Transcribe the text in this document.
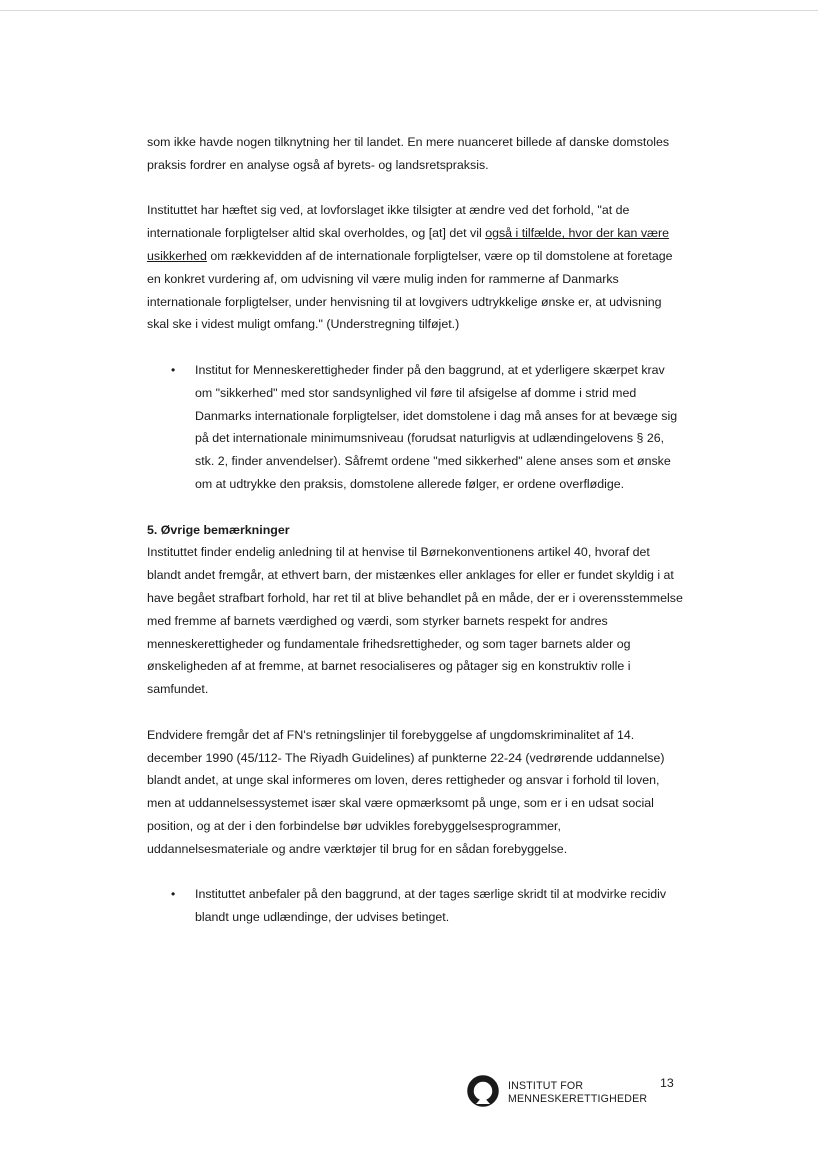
som ikke havde nogen tilknytning her til landet. En mere nuanceret billede af danske domstoles praksis fordrer en analyse også af byrets- og landsretspraksis.

Instituttet har hæftet sig ved, at lovforslaget ikke tilsigter at ændre ved det forhold, "at de internationale forpligtelser altid skal overholdes, og [at] det vil også i tilfælde, hvor der kan være usikkerhed om rækkevidden af de internationale forpligtelser, være op til domstolene at foretage en konkret vurdering af, om udvisning vil være mulig inden for rammerne af Danmarks internationale forpligtelser, under henvisning til at lovgivers udtrykkelige ønske er, at udvisning skal ske i videst muligt omfang." (Understregning tilføjet.)

• Institut for Menneskerettigheder finder på den baggrund, at et yderligere skærpet krav om "sikkerhed" med stor sandsynlighed vil føre til afsigelse af domme i strid med Danmarks internationale forpligtelser, idet domstolene i dag må anses for at bevæge sig på det internationale minimumsniveau (forudsat naturligvis at udlændingelovens § 26, stk. 2, finder anvendelser). Såfremt ordene "med sikkerhed" alene anses som et ønske om at udtrykke den praksis, domstolene allerede følger, er ordene overflødige.

5. Øvrige bemærkninger

Instituttet finder endelig anledning til at henvise til Børnekonventionens artikel 40, hvoraf det blandt andet fremgår, at ethvert barn, der mistænkes eller anklages for eller er fundet skyldig i at have begået strafbart forhold, har ret til at blive behandlet på en måde, der er i overensstemmelse med fremme af barnets værdighed og værdi, som styrker barnets respekt for andres menneskerettigheder og fundamentale frihedsrettigheder, og som tager barnets alder og ønskeligheden af at fremme, at barnet resocialiseres og påtager sig en konstruktiv rolle i samfundet.

Endvidere fremgår det af FN's retningslinjer til forebyggelse af ungdomskriminalitet af 14. december 1990 (45/112- The Riyadh Guidelines) af punkterne 22-24 (vedrørende uddannelse) blandt andet, at unge skal informeres om loven, deres rettigheder og ansvar i forhold til loven, men at uddannelsessystemet især skal være opmærksomt på unge, som er i en udsat social position, og at der i den forbindelse bør udvikles forebyggelsesprogrammer, uddannelsesmateriale og andre værktøjer til brug for en sådan forebyggelse.

• Instituttet anbefaler på den baggrund, at der tages særlige skridt til at modvirke recidiv blandt unge udlændinge, der udvises betinget.

INSTITUT FOR
MENNESKERETTIGHEDER
13
